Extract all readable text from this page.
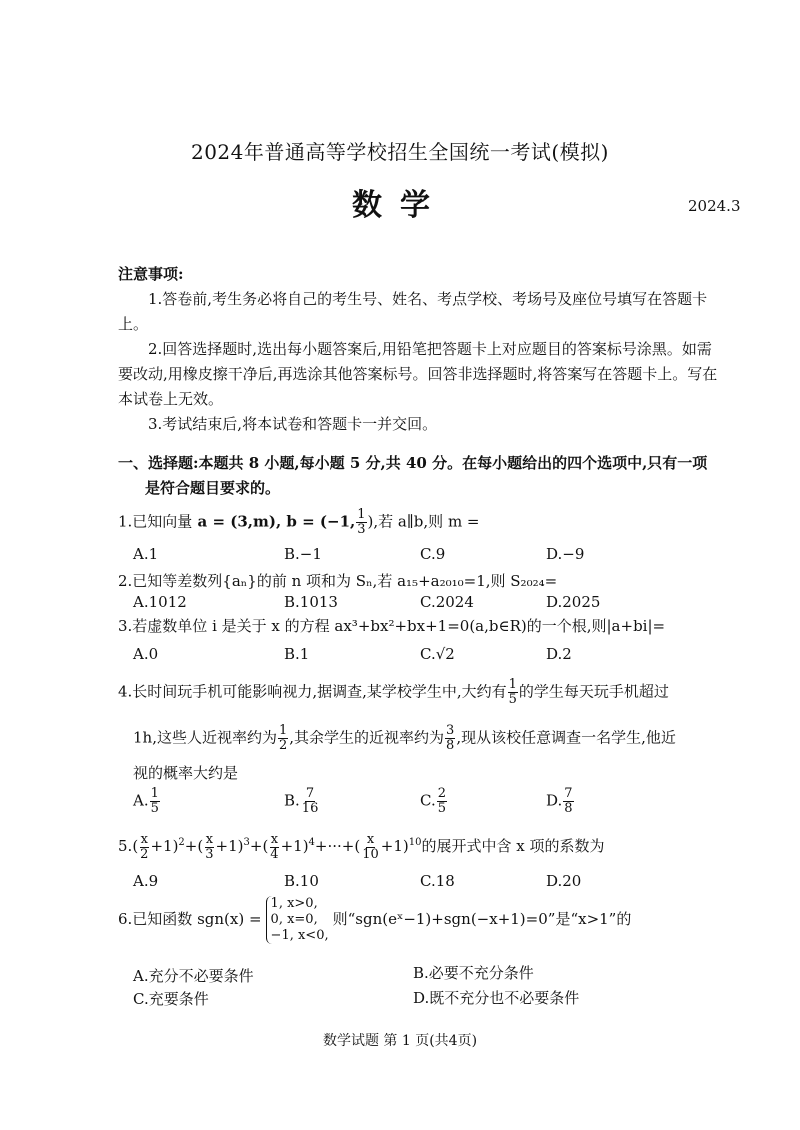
2024年普通高等学校招生全国统一考试(模拟)
数学	2024.3

注意事项:

1.答卷前,考生务必将自己的考生号、姓名、考点学校、考场号及座位号填写在答题卡上。

2.回答选择题时,选出每小题答案后,用铅笔把答题卡上对应题目的答案标号涂黑。如需要改动,用橡皮擦干净后,再选涂其他答案标号。回答非选择题时,将答案写在答题卡上。写在本试卷上无效。

3.考试结束后,将本试卷和答题卡一并交回。

一、选择题:本题共 8 小题,每小题 5 分,共 40 分。在每小题给出的四个选项中,只有一项
是符合题目要求的。
1.已知向量 a = (3,m), b = (−1, $\frac{1}{3}$ ),若 a∥b,则 m =
A.1	B.−1	C.9	D.−9
2.已知等差数列{aₙ}的前 n 项和为 Sₙ,若 a₁₅+a₂₀₁₀=1,则 S₂₀₂₄=
A.1012	B.1013	C.2024	D.2025
3.若虚数单位 i 是关于 x 的方程 ax³+bx²+bx+1=0(a,b∈R)的一个根,则|a+bi|=
A.0	B.1	C.√2	D.2
4.长时间玩手机可能影响视力,据调查,某学校学生中,大约有 $\frac{1}{5}$ 的学生每天玩手机超过
1h,这些人近视率约为 $\frac{1}{2}$ ,其余学生的近视率约为 $\frac{3}{8}$ ,现从该校任意调查一名学生,他近
视的概率大约是
A. $\frac{1}{5}$	B. $\frac{7}{16}$	C. $\frac{2}{5}$	D. $\frac{7}{8}$
$5.( \frac{x}{2} +1)^2+( \frac{x}{3} +1)^3+( \frac{x}{4} +1)^4+\cdot\cdot\cdot+( \frac{x}{10} +1)^{10}$的展开式中含 x 项的系数为
A.9	B.10	C.18	D.20
6.已知函数 sgn(x) =
1, x>0,
0, x=0,
−1, x<0,
则“sgn(eˣ−1)+sgn(−x+1)=0”是“x>1”的
A.充分不必要条件	B.必要不充分条件
C.充要条件	D.既不充分也不必要条件
数学试题 第 1 页(共4页)
